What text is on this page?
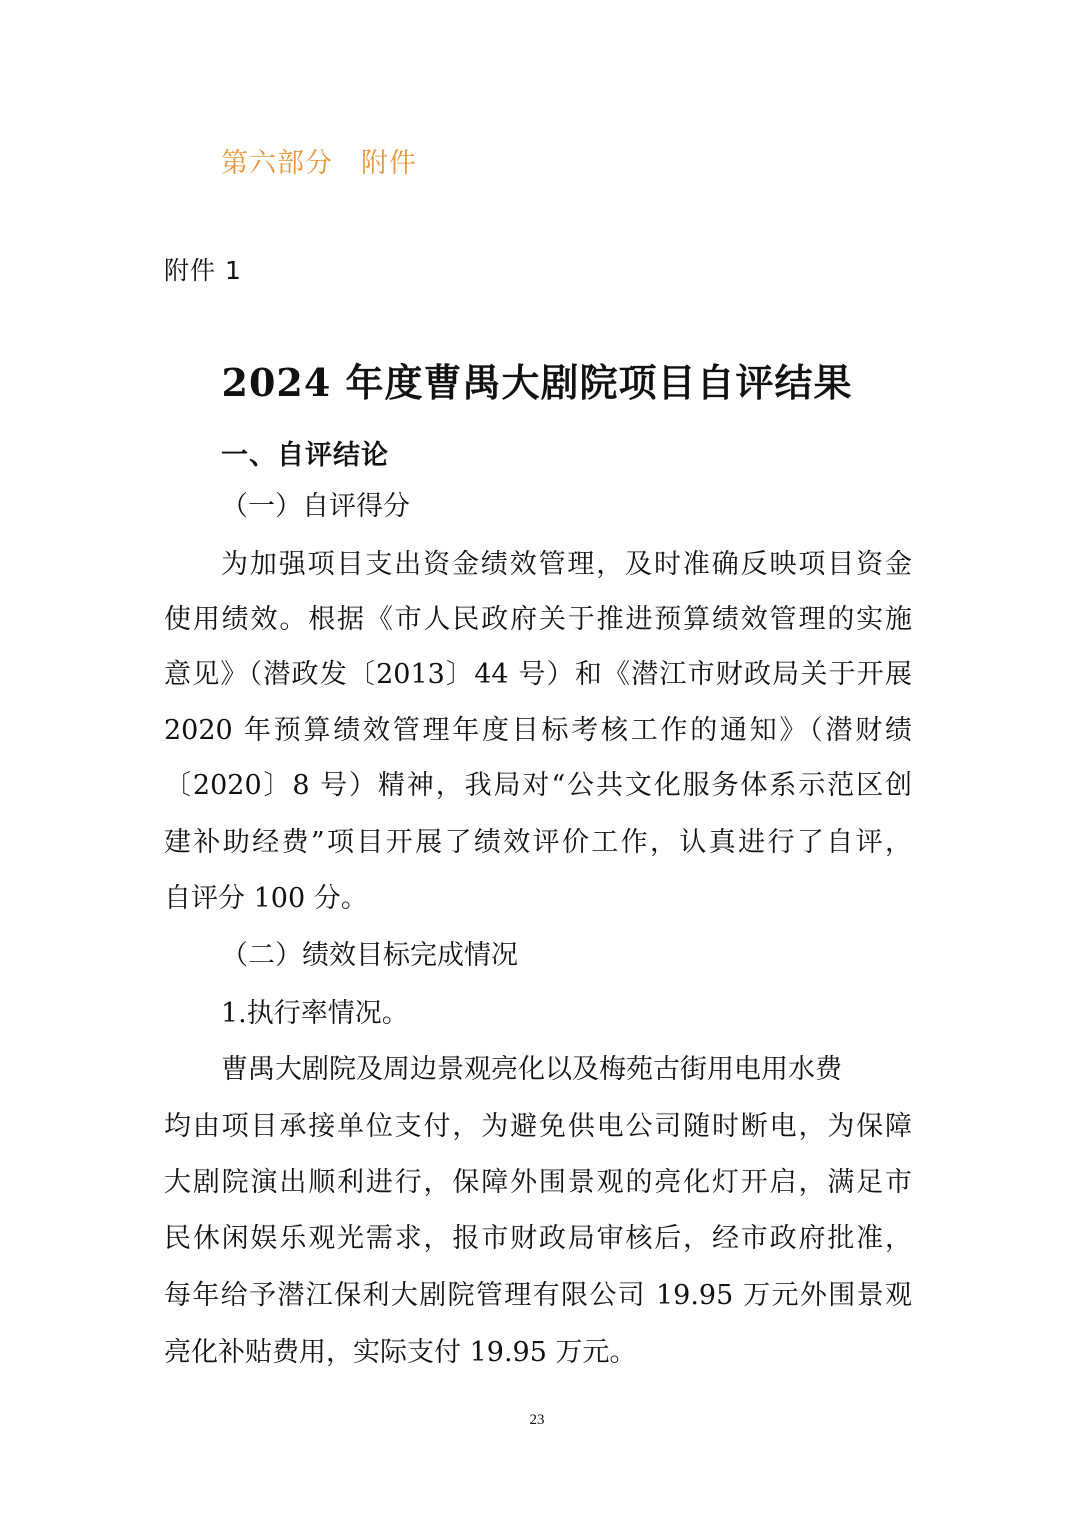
第六部分　附件
附件 1
2024 年度曹禺大剧院项目自评结果
一、自评结论
（一）自评得分
为加强项目支出资金绩效管理，及时准确反映项目资金
使用绩效。根据《市人民政府关于推进预算绩效管理的实施
意见》（潜政发〔2013〕44 号）和《潜江市财政局关于开展
2020 年预算绩效管理年度目标考核工作的通知》（潜财绩
〔2020〕8 号）精神，我局对“公共文化服务体系示范区创
建补助经费”项目开展了绩效评价工作，认真进行了自评，
自评分 100 分。
（二）绩效目标完成情况
1.执行率情况。
曹禺大剧院及周边景观亮化以及梅苑古街用电用水费
均由项目承接单位支付，为避免供电公司随时断电，为保障
大剧院演出顺利进行，保障外围景观的亮化灯开启，满足市
民休闲娱乐观光需求，报市财政局审核后，经市政府批准，
每年给予潜江保利大剧院管理有限公司 19.95 万元外围景观
亮化补贴费用，实际支付 19.95 万元。
23
